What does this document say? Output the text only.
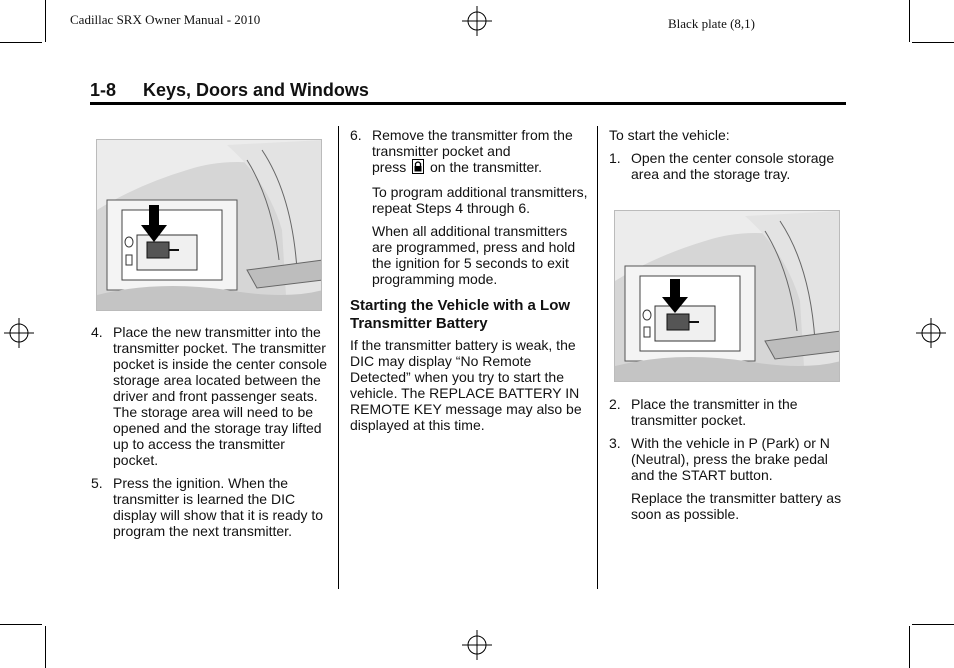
Cadillac SRX Owner Manual - 2010	Black plate (8,1)
1-8 Keys, Doors and Windows
4. Place the new transmitter into the transmitter pocket. The transmitter pocket is inside the center console storage area located between the driver and front passenger seats. The storage area will need to be opened and the storage tray lifted up to access the transmitter pocket.
5. Press the ignition. When the transmitter is learned the DIC display will show that it is ready to program the next transmitter.
6. Remove the transmitter from the transmitter pocket and
press on the transmitter.
To program additional transmitters, repeat Steps 4 through 6.
When all additional transmitters are programmed, press and hold the ignition for 5 seconds to exit programming mode.
Starting the Vehicle with a Low Transmitter Battery
If the transmitter battery is weak, the DIC may display “No Remote Detected” when you try to start the vehicle. The REPLACE BATTERY IN REMOTE KEY message may also be displayed at this time.
To start the vehicle:
1. Open the center console storage area and the storage tray.
2. Place the transmitter in the transmitter pocket.
3. With the vehicle in P (Park) or N (Neutral), press the brake pedal and the START button.
Replace the transmitter battery as soon as possible.
